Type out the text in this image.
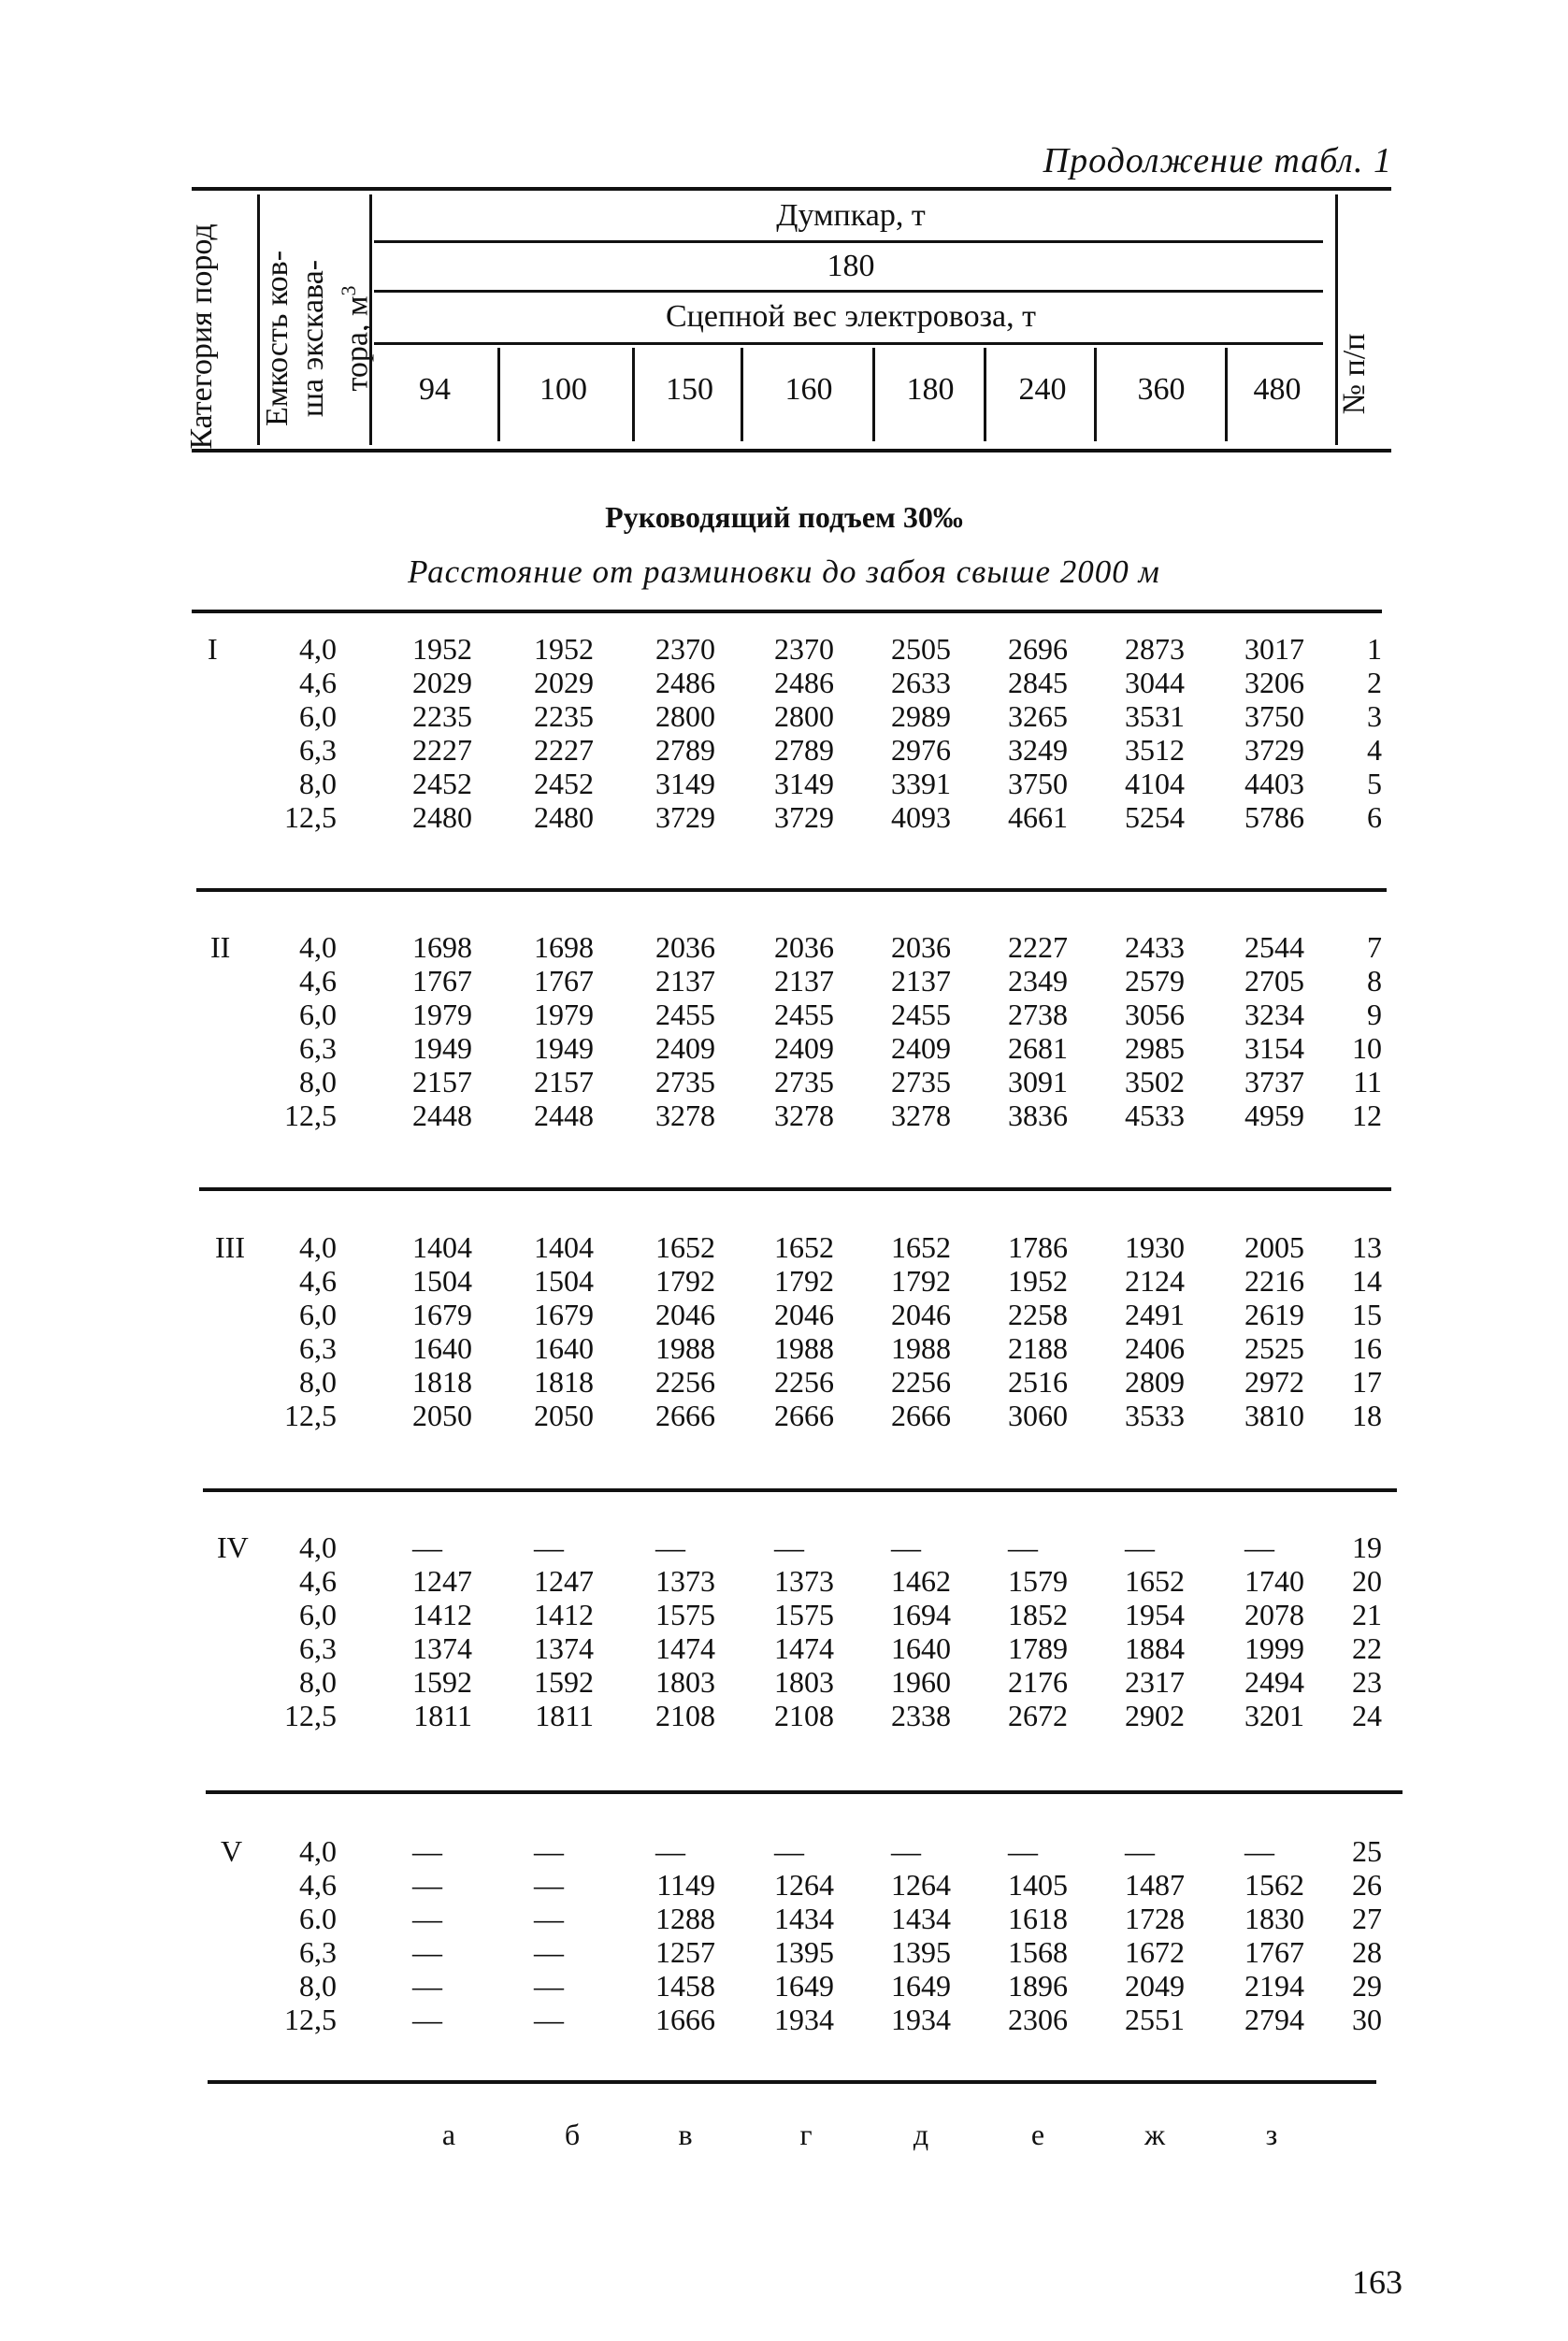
Продолжение табл. 1
Категория пород	Емкость ков- ша экскава- тора, $м^3$
Думпкар, т
180
Сцепной вес электровоза, т
94	100	150	160	180	240	360	480	№ п/п
Руководящий подъем 30‰
Расстояние от разминовки до забоя свыше 2000 м
I	4,0	1952	1952	2370	2370	2505	2696	2873	3017	1
4,6	2029	2029	2486	2486	2633	2845	3044	3206	2
6,0	2235	2235	2800	2800	2989	3265	3531	3750	3
6,3	2227	2227	2789	2789	2976	3249	3512	3729	4
8,0	2452	2452	3149	3149	3391	3750	4104	4403	5
12,5	2480	2480	3729	3729	4093	4661	5254	5786	6
II	4,0	1698	1698	2036	2036	2036	2227	2433	2544	7
4,6	1767	1767	2137	2137	2137	2349	2579	2705	8
6,0	1979	1979	2455	2455	2455	2738	3056	3234	9
6,3	1949	1949	2409	2409	2409	2681	2985	3154	10
8,0	2157	2157	2735	2735	2735	3091	3502	3737	11
12,5	2448	2448	3278	3278	3278	3836	4533	4959	12
III	4,0	1404	1404	1652	1652	1652	1786	1930	2005	13
4,6	1504	1504	1792	1792	1792	1952	2124	2216	14
6,0	1679	1679	2046	2046	2046	2258	2491	2619	15
6,3	1640	1640	1988	1988	1988	2188	2406	2525	16
8,0	1818	1818	2256	2256	2256	2516	2809	2972	17
12,5	2050	2050	2666	2666	2666	3060	3533	3810	18
IV	4,0	—	—	—	—	—	—	—	—	19
4,6	1247	1247	1373	1373	1462	1579	1652	1740	20
6,0	1412	1412	1575	1575	1694	1852	1954	2078	21
6,3	1374	1374	1474	1474	1640	1789	1884	1999	22
8,0	1592	1592	1803	1803	1960	2176	2317	2494	23
12,5	1811	1811	2108	2108	2338	2672	2902	3201	24
V	4,0	—	—	—	—	—	—	—	—	25
4,6	—	—	1149	1264	1264	1405	1487	1562	26
6.0	—	—	1288	1434	1434	1618	1728	1830	27
6,3	—	—	1257	1395	1395	1568	1672	1767	28
8,0	—	—	1458	1649	1649	1896	2049	2194	29
12,5	—	—	1666	1934	1934	2306	2551	2794	30
а	б	в	г	д	е	ж	з
163
